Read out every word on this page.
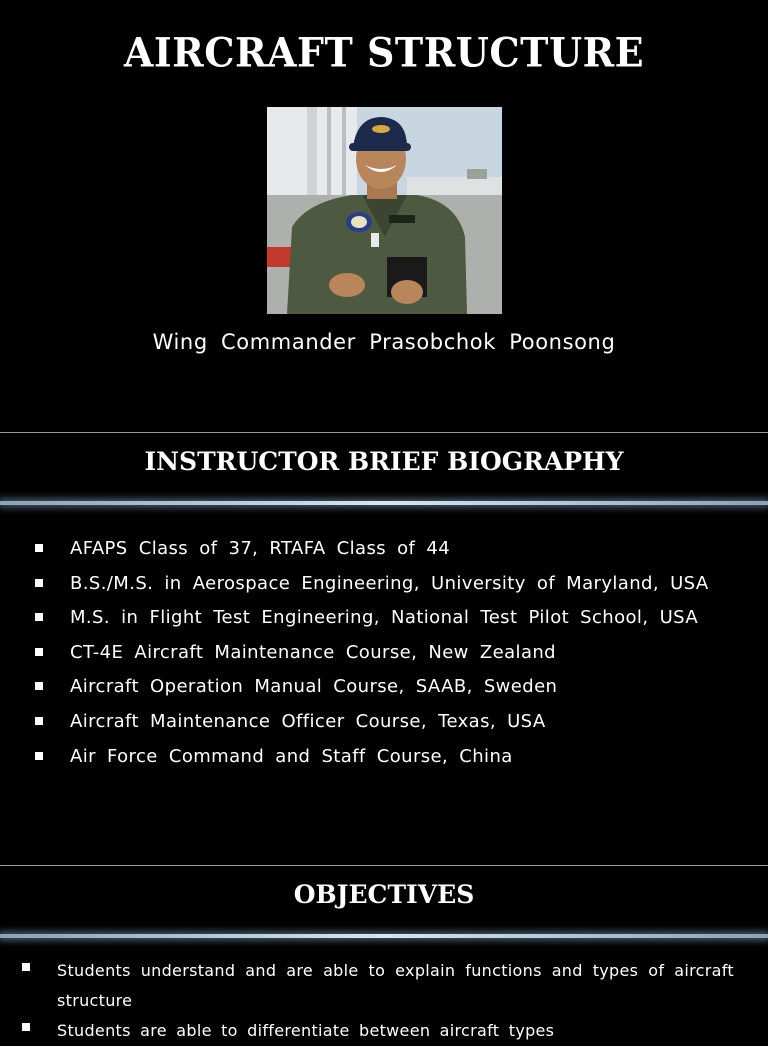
AIRCRAFT STRUCTURE
Wing Commander Prasobchok Poonsong
INSTRUCTOR BRIEF BIOGRAPHY
AFAPS Class of 37, RTAFA Class of 44
B.S./M.S. in Aerospace Engineering, University of Maryland, USA
M.S. in Flight Test Engineering, National Test Pilot School, USA
CT-4E Aircraft Maintenance Course, New Zealand
Aircraft Operation Manual Course, SAAB, Sweden
Aircraft Maintenance Officer Course, Texas, USA
Air Force Command and Staff Course, China
OBJECTIVES
Students understand and are able to explain functions and types of aircraft structure
Students are able to differentiate between aircraft types
